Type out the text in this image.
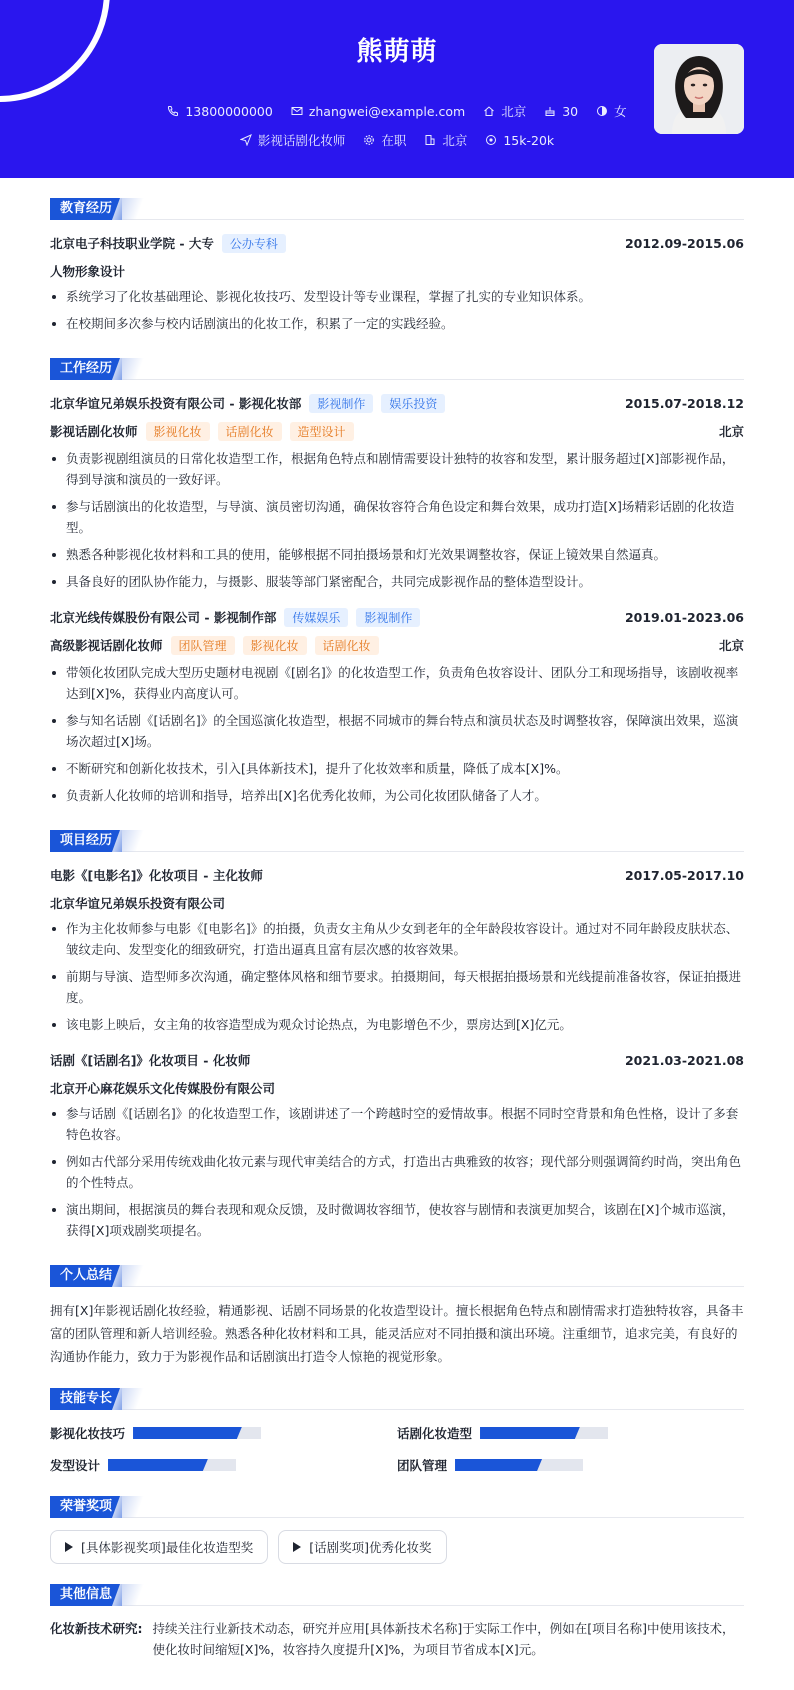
熊萌萌
13800000000	zhangwei@example.com	北京	30	女
影视话剧化妆师	在职	北京	15k-20k
教育经历
北京电子科技职业学院 - 大专	公办专科	2012.09-2015.06
人物形象设计
系统学习了化妆基础理论、影视化妆技巧、发型设计等专业课程，掌握了扎实的专业知识体系。
在校期间多次参与校内话剧演出的化妆工作，积累了一定的实践经验。
工作经历
北京华谊兄弟娱乐投资有限公司 - 影视化妆部	影视制作	娱乐投资	2015.07-2018.12
影视话剧化妆师	影视化妆	话剧化妆	造型设计	北京
负责影视剧组演员的日常化妆造型工作，根据角色特点和剧情需要设计独特的妆容和发型，累计服务超过[X]部影视作品，得到导演和演员的一致好评。
参与话剧演出的化妆造型，与导演、演员密切沟通，确保妆容符合角色设定和舞台效果，成功打造[X]场精彩话剧的化妆造型。
熟悉各种影视化妆材料和工具的使用，能够根据不同拍摄场景和灯光效果调整妆容，保证上镜效果自然逼真。
具备良好的团队协作能力，与摄影、服装等部门紧密配合，共同完成影视作品的整体造型设计。
北京光线传媒股份有限公司 - 影视制作部	传媒娱乐	影视制作	2019.01-2023.06
高级影视话剧化妆师	团队管理	影视化妆	话剧化妆	北京
带领化妆团队完成大型历史题材电视剧《[剧名]》的化妆造型工作，负责角色妆容设计、团队分工和现场指导，该剧收视率达到[X]%，获得业内高度认可。
参与知名话剧《[话剧名]》的全国巡演化妆造型，根据不同城市的舞台特点和演员状态及时调整妆容，保障演出效果，巡演场次超过[X]场。
不断研究和创新化妆技术，引入[具体新技术]，提升了化妆效率和质量，降低了成本[X]%。
负责新人化妆师的培训和指导，培养出[X]名优秀化妆师，为公司化妆团队储备了人才。
项目经历
电影《[电影名]》化妆项目 - 主化妆师	2017.05-2017.10
北京华谊兄弟娱乐投资有限公司
作为主化妆师参与电影《[电影名]》的拍摄，负责女主角从少女到老年的全年龄段妆容设计。通过对不同年龄段皮肤状态、皱纹走向、发型变化的细致研究，打造出逼真且富有层次感的妆容效果。
前期与导演、造型师多次沟通，确定整体风格和细节要求。拍摄期间，每天根据拍摄场景和光线提前准备妆容，保证拍摄进度。
该电影上映后，女主角的妆容造型成为观众讨论热点，为电影增色不少，票房达到[X]亿元。
话剧《[话剧名]》化妆项目 - 化妆师	2021.03-2021.08
北京开心麻花娱乐文化传媒股份有限公司
参与话剧《[话剧名]》的化妆造型工作，该剧讲述了一个跨越时空的爱情故事。根据不同时空背景和角色性格，设计了多套特色妆容。
例如古代部分采用传统戏曲化妆元素与现代审美结合的方式，打造出古典雅致的妆容；现代部分则强调简约时尚，突出角色的个性特点。
演出期间，根据演员的舞台表现和观众反馈，及时微调妆容细节，使妆容与剧情和表演更加契合，该剧在[X]个城市巡演，获得[X]项戏剧奖项提名。
个人总结
拥有[X]年影视话剧化妆经验，精通影视、话剧不同场景的化妆造型设计。擅长根据角色特点和剧情需求打造独特妆容，具备丰富的团队管理和新人培训经验。熟悉各种化妆材料和工具，能灵活应对不同拍摄和演出环境。注重细节，追求完美，有良好的沟通协作能力，致力于为影视作品和话剧演出打造令人惊艳的视觉形象。
技能专长
影视化妆技巧	话剧化妆造型
发型设计	团队管理
荣誉奖项
[具体影视奖项]最佳化妆造型奖	[话剧奖项]优秀化妆奖
其他信息
化妆新技术研究: 持续关注行业新技术动态，研究并应用[具体新技术名称]于实际工作中，例如在[项目名称]中使用该技术，使化妆时间缩短[X]%，妆容持久度提升[X]%，为项目节省成本[X]元。
